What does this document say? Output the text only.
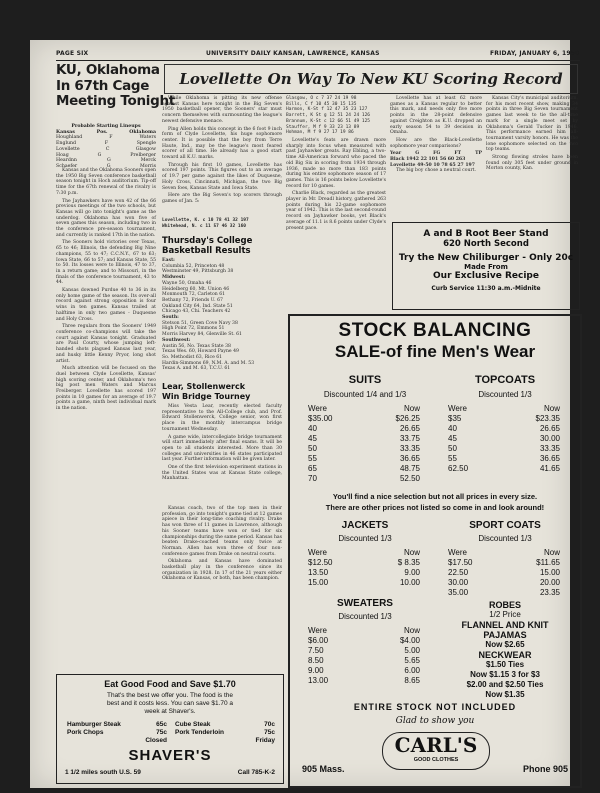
PAGE SIX	UNIVERSITY DAILY KANSAN, LAWRENCE, KANSAS	FRIDAY, JANUARY 6, 1950
KU, Oklahoma
In 67th Cage
Meeting Tonight
Lovellette On Way To New KU Scoring Record
Probable Starting Lineups
Kansas	Pos.	Oklahoma
Houghland	F	Waters
Englund	F	Spengle
Lovellette	C	Glasgow
Hoag	G	Prelberger
Heardnn	G	Merck
Schaefer	G	Morris

Kansas and the Oklahoma Sooners open the 1950 Big Seven conference basketball season tonight in Hoch auditorium. Tip-off time for the 67th renewal of the rivalry is 7:30 p.m.

The Jayhawkers have won 42 of the 66 previous meetings of the two schools, but Kansas will go into tonight's game as the underdog. Oklahoma has won five of seven games this season, including two in the conference pre-season tournament, and currently is ranked 17th in the nation.

The Sooners hold victories over Texas, 65 to 46; Illinois, the defending Big Nine champions, 55 to 47; C.C.N.Y., 67 to 63; Iowa State, 66 to 57; and Kansas State, 55 to 50. Its losses were to Illinois, 47 to 37, in a return game; and to Missouri, in the finals of the conference tournament, 43 to 44.

Kansas downed Purdue 40 to 36 in its only home game of the season. Its over-all record against strong opposition is four wins in ten games. Kansas trailed at halftime in only two games - Duquesne and Holy Cross.

Three regulars from the Sooners' 1949 conference co-champions will take the court against Kansas tonight. Graduated are Paul Courty, whose jumping left-handed shots plagued Kansas last year, and husky little Kenny Pryor, long shot artist.

Much attention will be focused on the duel between Clyde Lovellette, Kansas' high scoring center, and Oklahoma's two big post men Waters and Marcus Freiberger. Lovellette has scored 197 points in 10 games for an average of 19.7 points a game, ninth best individual mark in the nation.

While Oklahoma is pitting its new offense against Kansas here tonight in the Big Seven's 1950 basketball opener, the Sooners' star must concern themselves with surmounting the league's newest defensive menace.

Ping Allen holds this concept in the 6 foot 9 inch form of Clyde Lovellette, his huge sophomore center. It is possible that the boy from Terre Haute, Ind., may be the league's most feared scorer of all time. He already has a good start toward all K.U. marks.

Through his first 10 games, Lovellette has scored 197 points. This figures out to an average of 19.7 per game against the likes of Duquesne, Holy Cross, Cincinnati, Michigan, the two Big Seven foes, Kansas State and Iowa State.

Here are the Big Seven's top scorers through games of Jan. 5:

Lovellette, K. c 10 78 41 32 197
Whitehead, N. c 11 57 46 32 160
Glasgow, O c 7 37 24 19 98
Bills, C f 10 45 30 15 135
Harmon, K-St f 12 47 35 23 127
Barrett, K St g 12 51 24 24 126
Brannum, K-St c 12 66 51 49 125
Stauffer, M f 9 33 23 13 89
Hohman, M f 9 27 17 19 86

Lovellette's feats are drawn more sharply into focus when measured with past Jayhawker greats. Ray Ebling, a two-time All-American forward who paced the old Big Six in scoring from 1934 through 1936, made no more than 183 points during his entire sophomore season of 17 games. This is 16 points below Lovellette's record for 10 games.

Charlie Black, regarded as the greatest player in Mr. Dreadl history, gathered 263 points during his 22-game sophomore year of 1942. This is the last second-round record on Jayhawker books, yet Black's average of 11.1 is 8.6 points under Clyde's present pace.

Lovellette has at least 62 more games as a Kansas regular to better this mark, and needs only five more points in the 28-point defensive against Creighton as K.U. dropped an early season 54 to 39 decision in Omaha.

How are the Black-Lovellette sophomore year comparisons?

Year	G	FG	FT	TP
Black 1942 22 101 56 60 263
Lovellette 49-50 10 78 65 27 197

The big boy chose a neutral court.

Kansas City's municipal auditorium, for his most recent show, making 34 points in three Big Seven tournament games last week to tie the all-time mark for a single meet set by Oklahoma's Gerald Tucker in 1946. This performance earned him all-tournament varsity honors. He was the lone sophomore selected on the two top teams.

Strong flowing stroles have been found only 305 feet under ground in Morton county, Kan.

Thursday's College
Basketball Results
East:
Columbia 52, Princeton 48
Westminster 49, Pittsburgh 38
Midwest:
Wayne 50, Omaha 46
Heidelberg 60, Mt. Union 46
Monmouth 72, Carleton 61
Bethany 72, Friends U. 67
Oakland City 64, Ind. State 51
Chicago 43, Chi. Teachers 42
South:
Stetson 51, Green Cove Navy 38
High Point 72, Emmons 51
Morris Harvey 84, Glenville St. 61
Southwest:
Austin 56, No. Texas State 38
Texas Wes. 60, Howard Payne 49
So. Methodist 63, Rice 61
Hardin-Simmons 69, N.M. A. and M. 53
Texas A. and M. 63, T.C.U. 61
Lear, Stollenwerck
Win Bridge Tourney

Miss Vesta Lear, recently elected faculty representative to the All-College club, and Prof. Edward Stollenwerck, College senior, won first place in the monthly intercampus bridge tournament Wednesday.

A game wide, intercollegiate bridge tournament will start immediately after final exams. It will be open to all students interested. More than 30 colleges and universities in 46 states participated last year. Further information will be given later.

One of the first television experiment stations in the United States was at Kansas State college, Manhattan.

Kansas coach, two of the top men in their profession, go into tonight's game tied at 12 games apiece in their long-time coaching rivalry. Drake has won three of 11 games in Lawrence, although his Sooner teams have won or tied for six championships during the same period. Kansas has beaten Drake-coached teams only twice at Norman. Allen has won three of four non-conference games from Drake on neutral courts.

Oklahoma and Kansas have dominated basketball play in the conference since its organization in 1928. In 17 of the 21 years either Oklahoma or Kansas, or both, has been champion.

A and B Root Beer Stand
620 North Second
Try the New Chiliburger - Only 20c
Made From
Our Exclusive Recipe
Curb Service 11:30 a.m.-Midnite
STOCK BALANCING
SALE-of fine Men's Wear
SUITS
Discounted 1/4 and 1/3
Were	Now
$35.00	$26.25
40	26.65
45	33.75
50	33.35
55	36.65
65	48.75
70	52.50
TOPCOATS
Discounted 1/3
Were	Now
$35	$23.35
40	26.65
45	30.00
50	33.35
55	36.65
62.50	41.65
You'll find a nice selection but not all prices in every size.
There are other prices not listed so come in and look around!
JACKETS
Discounted 1/3
Were	Now
$12.50	$ 8.35
13.50	9.00
15.00	10.00
SPORT COATS
Discounted 1/3
Were	Now
$17.50	$11.65
22.50	15.00
30.00	20.00
35.00	23.35
SWEATERS
Discounted 1/3
Were	Now
$6.00	$4.00
7.50	5.00
8.50	5.65
9.00	6.00
13.00	8.65
ROBES
1/2 Price
FLANNEL AND KNIT
PAJAMAS
Now $2.65
NECKWEAR
$1.50 Ties
Now $1.15 3 for $3
$2.00 and $2.50 Ties
Now $1.35
ENTIRE STOCK NOT INCLUDED
Glad to show you
CARL'S
GOOD CLOTHES
905 Mass.	Phone 905
Eat Good Food and Save $1.70
That's the best we offer you. The food is the
best and it costs less. You can save $1.70 a
week at Shaver's.
Hamburger Steak	65c
Pork Chops	75c
Closed
Cube Steak	70c
Pork Tenderloin	75c
Friday
SHAVER'S
1 1/2 miles south U.S. 59	Call 785-K-2
